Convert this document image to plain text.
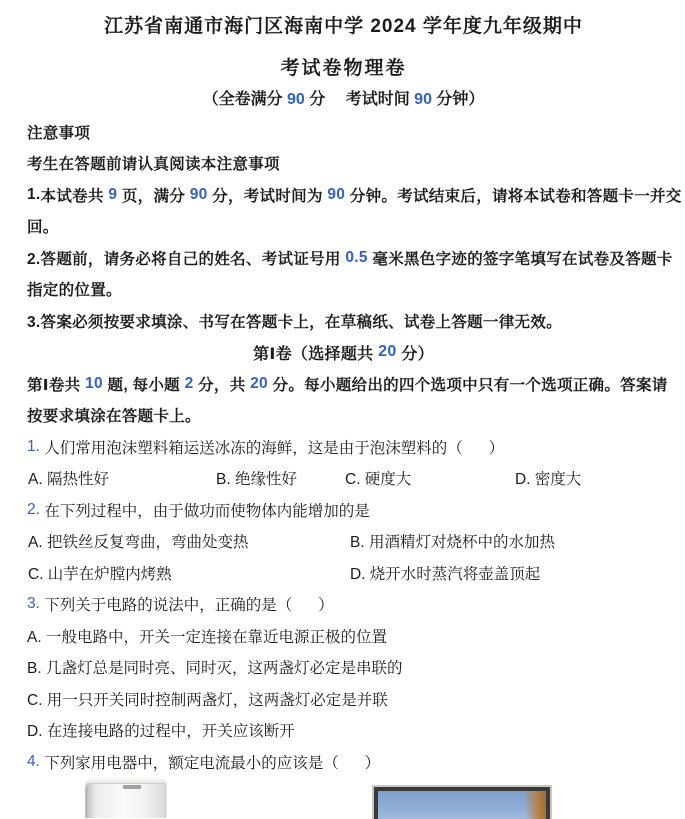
江苏省南通市海门区海南中学 2024 学年度九年级期中
考试卷物理卷
（全卷满分 90 分　 考试时间 90 分钟）
注意事项
考生在答题前请认真阅读本注意事项
1. 本试卷共 9 页，满分 90 分，考试时间为 90 分钟。考试结束后，请将本试卷和答题卡一并交
回。
2.答题前，请务必将自己的姓名、考试证号用 0.5 毫米黑色字迹的签字笔填写在试卷及答题卡
指定的位置。
3.答案必须按要求填涂、书写在答题卡上，在草稿纸、试卷上答题一律无效。
第Ⅰ卷（选择题共 20 分）
第Ⅰ卷共 10 题, 每小题 2 分，共 20 分。每小题给出的四个选项中只有一个选项正确。答案请
按要求填涂在答题卡上。
1. 人们常用泡沫塑料箱运送冰冻的海鲜，这是由于泡沫塑料的（      ）
A. 隔热性好	B. 绝缘性好	C. 硬度大	D. 密度大
2. 在下列过程中，由于做功而使物体内能增加的是
A. 把铁丝反复弯曲，弯曲处变热	B. 用酒精灯对烧杯中的水加热
C. 山芋在炉膛内烤熟	D. 烧开水时蒸汽将壶盖顶起
3. 下列关于电路的说法中，正确的是（      ）
A. 一般电路中，开关一定连接在靠近电源正极的位置
B. 几盏灯总是同时亮、同时灭，这两盏灯必定是串联的
C. 用一只开关同时控制两盏灯，这两盏灯必定是并联
D. 在连接电路的过程中，开关应该断开
4. 下列家用电器中，额定电流最小的应该是（      ）
